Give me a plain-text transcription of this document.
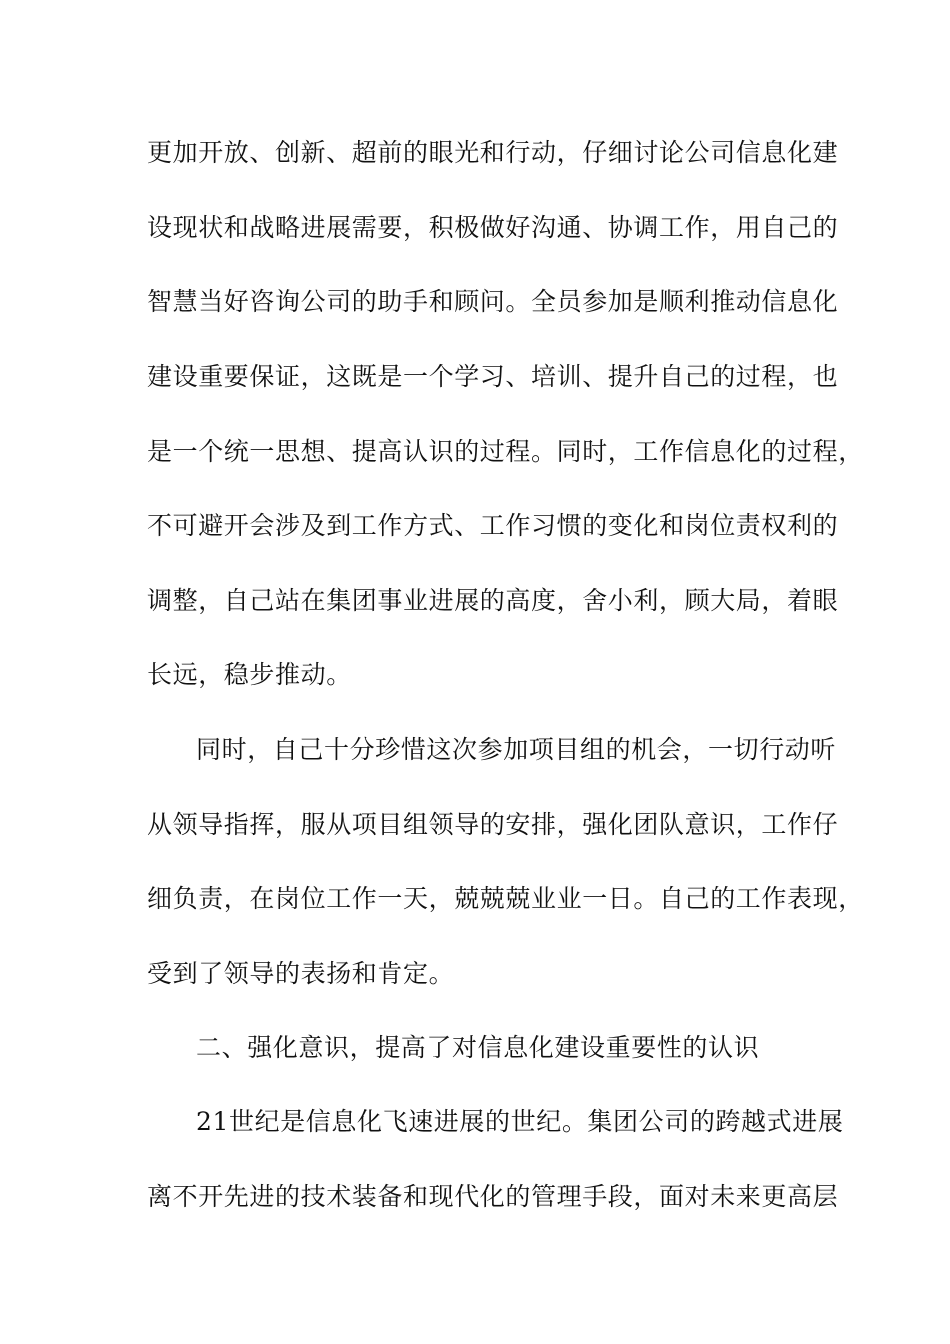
更加开放、创新、超前的眼光和行动，仔细讨论公司信息化建
设现状和战略进展需要，积极做好沟通、协调工作，用自己的
智慧当好咨询公司的助手和顾问。全员参加是顺利推动信息化
建设重要保证，这既是一个学习、培训、提升自己的过程，也
是一个统一思想、提高认识的过程。同时，工作信息化的过程，
不可避开会涉及到工作方式、工作习惯的变化和岗位责权利的
调整，自己站在集团事业进展的高度，舍小利，顾大局，着眼
长远，稳步推动。
同时，自己十分珍惜这次参加项目组的机会，一切行动听
从领导指挥，服从项目组领导的安排，强化团队意识，工作仔
细负责，在岗位工作一天，兢兢兢业业一日。自己的工作表现，
受到了领导的表扬和肯定。
二、强化意识，提高了对信息化建设重要性的认识
21世纪是信息化飞速进展的世纪。集团公司的跨越式进展
离不开先进的技术装备和现代化的管理手段，面对未来更高层
